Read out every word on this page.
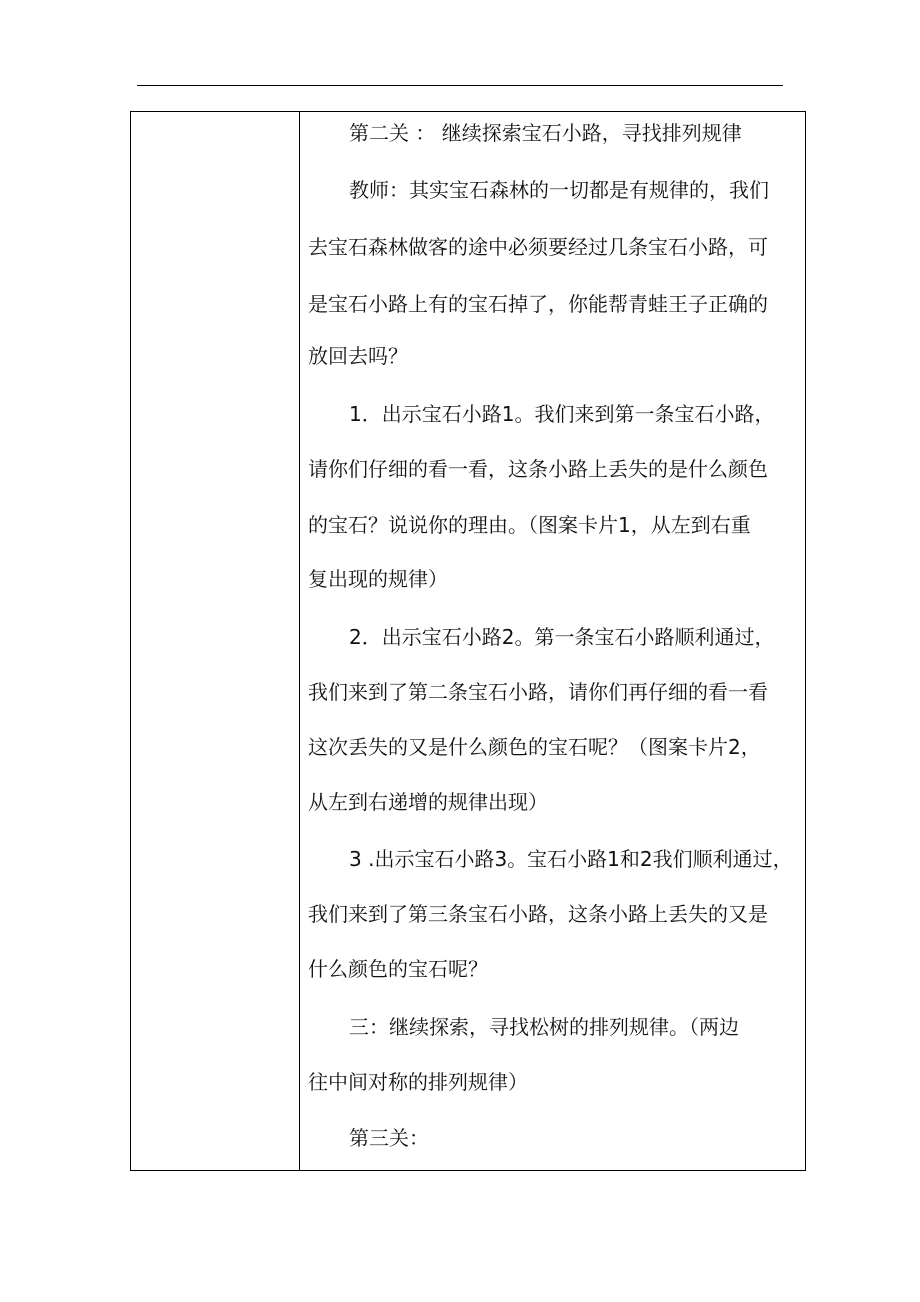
第二关 ： 继续探索宝石小路，寻找排列规律
教师：其实宝石森林的一切都是有规律的，我们
去宝石森林做客的途中必须要经过几条宝石小路，可
是宝石小路上有的宝石掉了，你能帮青蛙王子正确的
放回去吗？
1．出示宝石小路1。我们来到第一条宝石小路，
请你们仔细的看一看，这条小路上丢失的是什么颜色
的宝石？说说你的理由。（图案卡片1，从左到右重
复出现的规律）
2．出示宝石小路2。第一条宝石小路顺利通过，
我们来到了第二条宝石小路，请你们再仔细的看一看
这次丢失的又是什么颜色的宝石呢？（图案卡片2，
从左到右递增的规律出现）
3 .出示宝石小路3。宝石小路1和2我们顺利通过，
我们来到了第三条宝石小路，这条小路上丢失的又是
什么颜色的宝石呢？
三：继续探索，寻找松树的排列规律。（两边
往中间对称的排列规律）
第三关：
